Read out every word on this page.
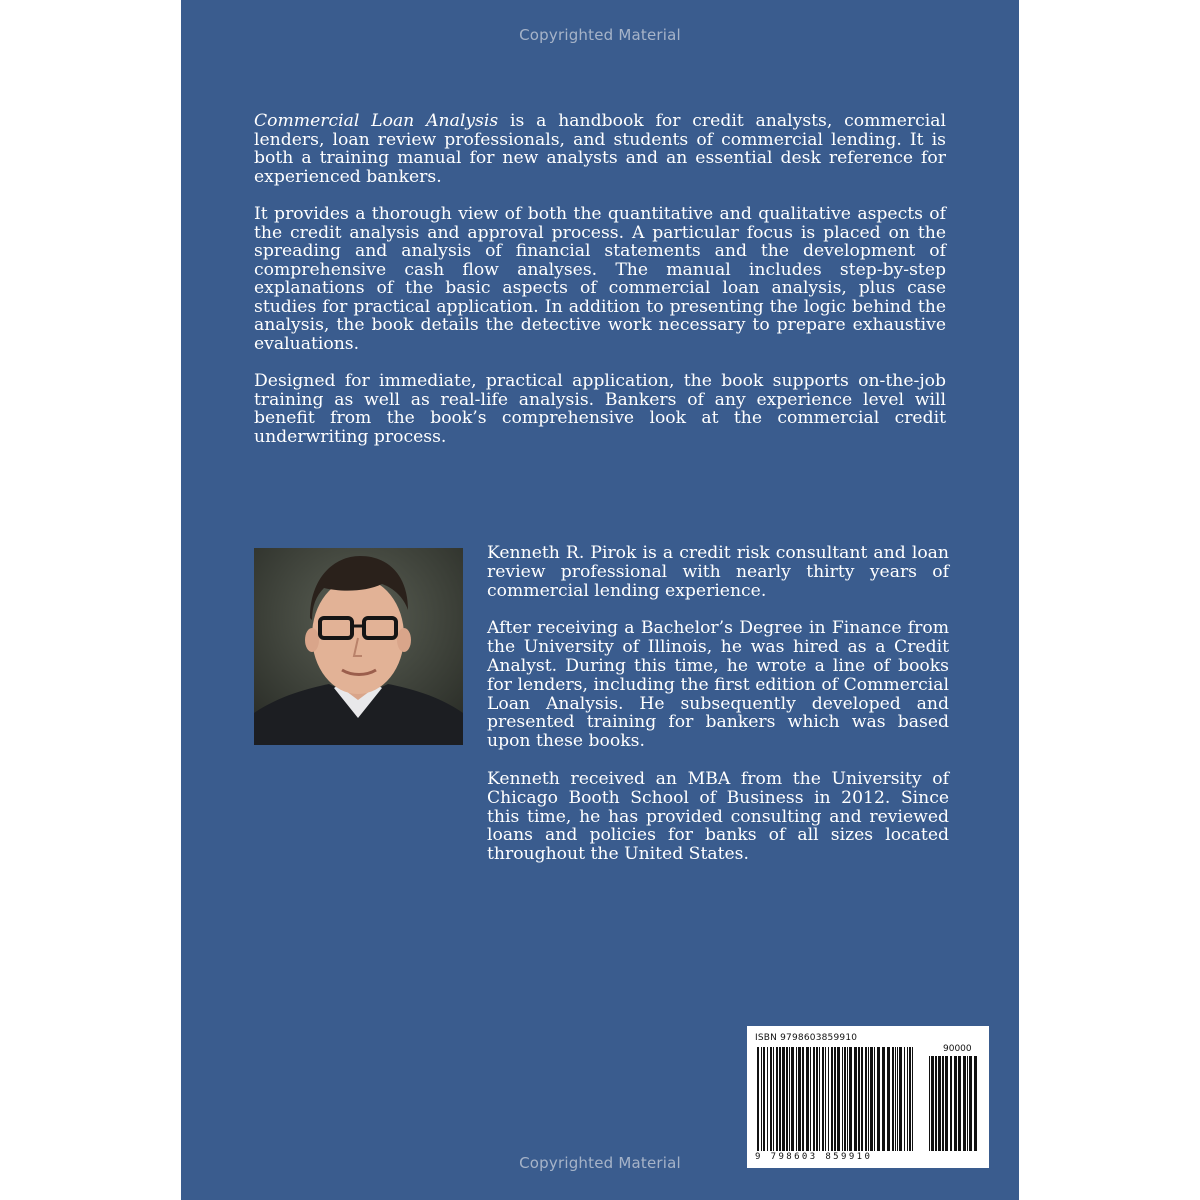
Copyrighted Material

Commercial Loan Analysis is a handbook for credit analysts, commercial lenders, loan review professionals, and students of commercial lending. It is both a training manual for new analysts and an essential desk reference for experienced bankers.

It provides a thorough view of both the quantitative and qualitative aspects of the credit analysis and approval process. A particular focus is placed on the spreading and analysis of financial statements and the development of comprehensive cash flow analyses. The manual includes step-by-step explanations of the basic aspects of commercial loan analysis, plus case studies for practical application. In addition to presenting the logic behind the analysis, the book details the detective work necessary to prepare exhaustive evaluations.

Designed for immediate, practical application, the book supports on-the-job training as well as real-life analysis. Bankers of any experience level will benefit from the book’s comprehensive look at the commercial credit underwriting process.

Kenneth R. Pirok is a credit risk consultant and loan review professional with nearly thirty years of commercial lending experience.

After receiving a Bachelor’s Degree in Finance from the University of Illinois, he was hired as a Credit Analyst. During this time, he wrote a line of books for lenders, including the first edition of Commercial Loan Analysis. He subsequently developed and presented training for bankers which was based upon these books.

Kenneth received an MBA from the University of Chicago Booth School of Business in 2012. Since this time, he has provided consulting and reviewed loans and policies for banks of all sizes located throughout the United States.

ISBN 9798603859910
90000
9 798603 859910
Copyrighted Material
